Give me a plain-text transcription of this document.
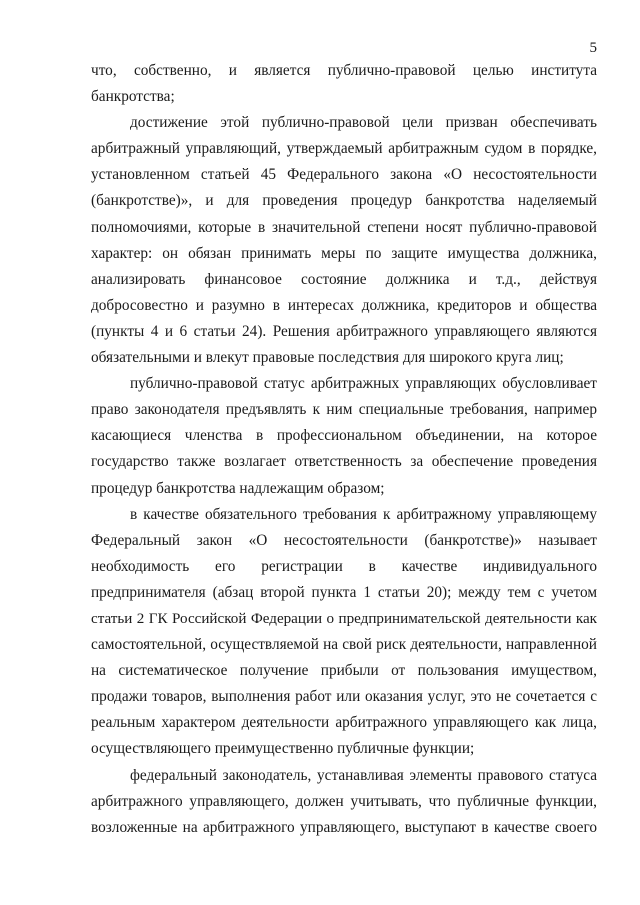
5
что, собственно, и является публично-правовой целью института
банкротства;
достижение этой публично-правовой цели призван обеспечивать
арбитражный управляющий, утверждаемый арбитражным судом в порядке,
установленном статьей 45 Федерального закона «О несостоятельности
(банкротстве)», и для проведения процедур банкротства наделяемый
полномочиями, которые в значительной степени носят публично-правовой
характер: он обязан принимать меры по защите имущества должника,
анализировать финансовое состояние должника и т.д., действуя
добросовестно и разумно в интересах должника, кредиторов и общества
(пункты 4 и 6 статьи 24). Решения арбитражного управляющего являются
обязательными и влекут правовые последствия для широкого круга лиц;
публично-правовой статус арбитражных управляющих обусловливает
право законодателя предъявлять к ним специальные требования, например
касающиеся членства в профессиональном объединении, на которое
государство также возлагает ответственность за обеспечение проведения
процедур банкротства надлежащим образом;
в качестве обязательного требования к арбитражному управляющему
Федеральный закон «О несостоятельности (банкротстве)» называет
необходимость его регистрации в качестве индивидуального
предпринимателя (абзац второй пункта 1 статьи 20); между тем с учетом
статьи 2 ГК Российской Федерации о предпринимательской деятельности как
самостоятельной, осуществляемой на свой риск деятельности, направленной
на систематическое получение прибыли от пользования имуществом,
продажи товаров, выполнения работ или оказания услуг, это не сочетается с
реальным характером деятельности арбитражного управляющего как лица,
осуществляющего преимущественно публичные функции;
федеральный законодатель, устанавливая элементы правового статуса
арбитражного управляющего, должен учитывать, что публичные функции,
возложенные на арбитражного управляющего, выступают в качестве своего
